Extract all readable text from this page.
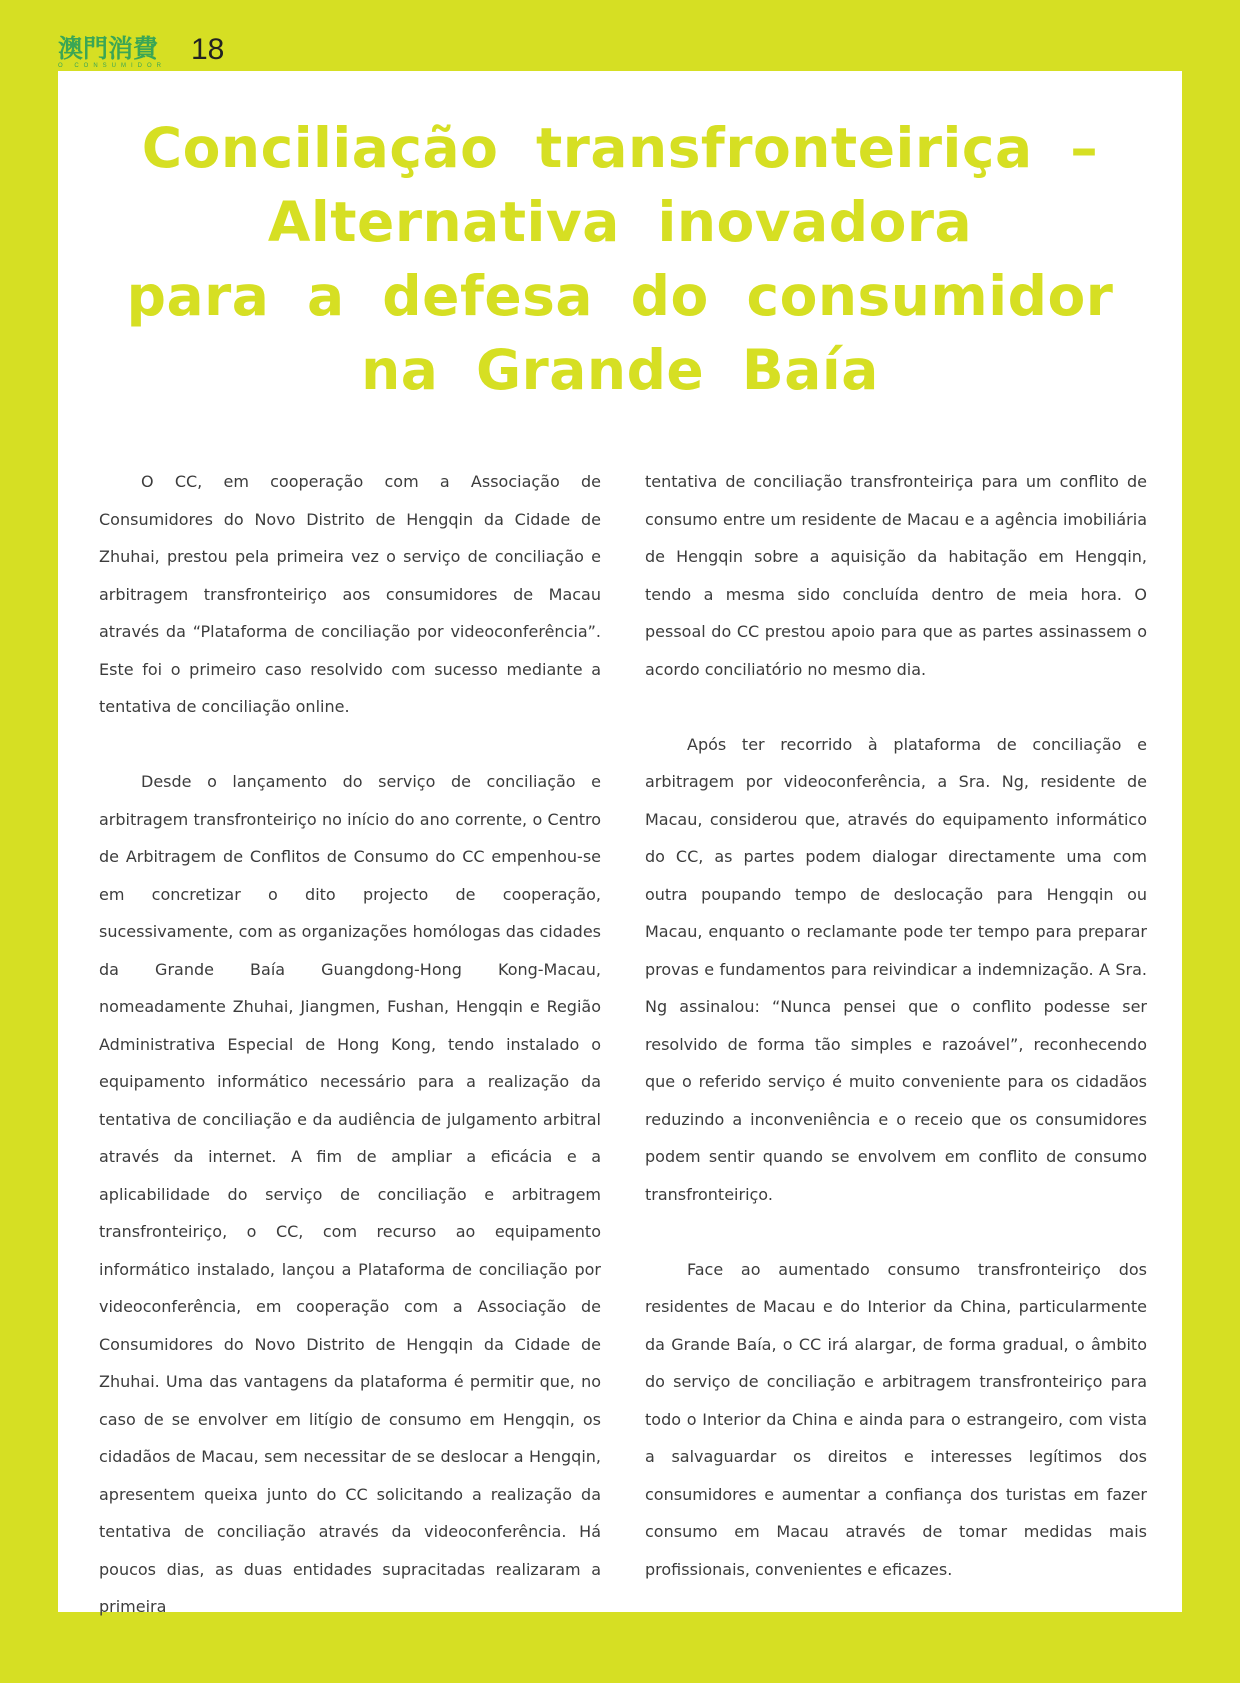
澳門消費
O CONSUMIDOR 18
Conciliação transfronteiriça –
Alternativa inovadora
para a defesa do consumidor
na Grande Baía

O CC, em cooperação com a Associação de Consumidores do Novo Distrito de Hengqin da Cidade de Zhuhai, prestou pela primeira vez o serviço de conciliação e arbitragem transfronteiriço aos consumidores de Macau através da “Plataforma de conciliação por videoconferência”. Este foi o primeiro caso resolvido com sucesso mediante a tentativa de conciliação online.

Desde o lançamento do serviço de conciliação e arbitragem transfronteiriço no início do ano corrente, o Centro de Arbitragem de Conflitos de Consumo do CC empenhou-se em concretizar o dito projecto de cooperação, sucessivamente, com as organizações homólogas das cidades da Grande Baía Guangdong-Hong Kong-Macau, nomeadamente Zhuhai, Jiangmen, Fushan, Hengqin e Região Administrativa Especial de Hong Kong, tendo instalado o equipamento informático necessário para a realização da tentativa de conciliação e da audiência de julgamento arbitral através da internet. A fim de ampliar a eficácia e a aplicabilidade do serviço de conciliação e arbitragem transfronteiriço, o CC, com recurso ao equipamento informático instalado, lançou a Plataforma de conciliação por videoconferência, em cooperação com a Associação de Consumidores do Novo Distrito de Hengqin da Cidade de Zhuhai. Uma das vantagens da plataforma é permitir que, no caso de se envolver em litígio de consumo em Hengqin, os cidadãos de Macau, sem necessitar de se deslocar a Hengqin, apresentem queixa junto do CC solicitando a realização da tentativa de conciliação através da videoconferência. Há poucos dias, as duas entidades supracitadas realizaram a primeira

tentativa de conciliação transfronteiriça para um conflito de consumo entre um residente de Macau e a agência imobiliária de Hengqin sobre a aquisição da habitação em Hengqin, tendo a mesma sido concluída dentro de meia hora. O pessoal do CC prestou apoio para que as partes assinassem o acordo conciliatório no mesmo dia.

Após ter recorrido à plataforma de conciliação e arbitragem por videoconferência, a Sra. Ng, residente de Macau, considerou que, através do equipamento informático do CC, as partes podem dialogar directamente uma com outra poupando tempo de deslocação para Hengqin ou Macau, enquanto o reclamante pode ter tempo para preparar provas e fundamentos para reivindicar a indemnização. A Sra. Ng assinalou: “Nunca pensei que o conflito podesse ser resolvido de forma tão simples e razoável”, reconhecendo que o referido serviço é muito conveniente para os cidadãos reduzindo a inconveniência e o receio que os consumidores podem sentir quando se envolvem em conflito de consumo transfronteiriço.

Face ao aumentado consumo transfronteiriço dos residentes de Macau e do Interior da China, particularmente da Grande Baía, o CC irá alargar, de forma gradual, o âmbito do serviço de conciliação e arbitragem transfronteiriço para todo o Interior da China e ainda para o estrangeiro, com vista a salvaguardar os direitos e interesses legítimos dos consumidores e aumentar a confiança dos turistas em fazer consumo em Macau através de tomar medidas mais profissionais, convenientes e eficazes.
